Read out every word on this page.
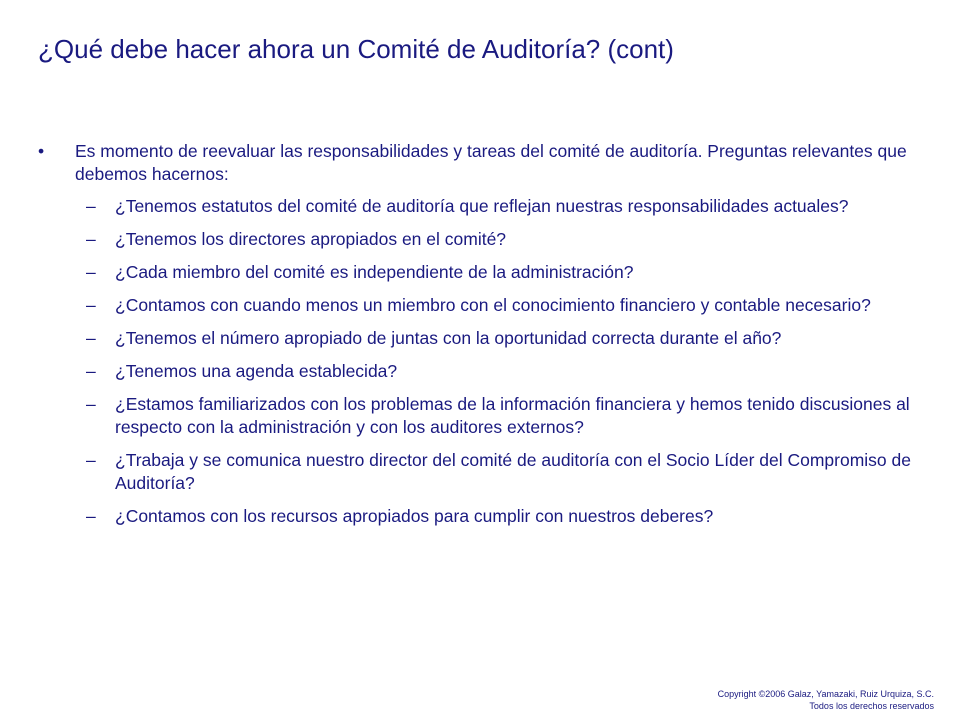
¿Qué debe hacer ahora un Comité de Auditoría? (cont)
• Es momento de reevaluar las responsabilidades y tareas del comité de auditoría. Preguntas relevantes que debemos hacernos:
– ¿Tenemos estatutos del comité de auditoría que reflejan nuestras responsabilidades actuales?
– ¿Tenemos los directores apropiados en el comité?
– ¿Cada miembro del comité es independiente de la administración?
– ¿Contamos con cuando menos un miembro con el conocimiento financiero y contable necesario?
– ¿Tenemos el número apropiado de juntas con la oportunidad correcta durante el año?
– ¿Tenemos una agenda establecida?
– ¿Estamos familiarizados con los problemas de la información financiera y hemos tenido discusiones al respecto con la administración y con los auditores externos?
– ¿Trabaja y se comunica nuestro director del comité de auditoría con el Socio Líder del Compromiso de Auditoría?
– ¿Contamos con los recursos apropiados para cumplir con nuestros deberes?
Copyright ©2006 Galaz, Yamazaki, Ruiz Urquiza, S.C.
Todos los derechos reservados
